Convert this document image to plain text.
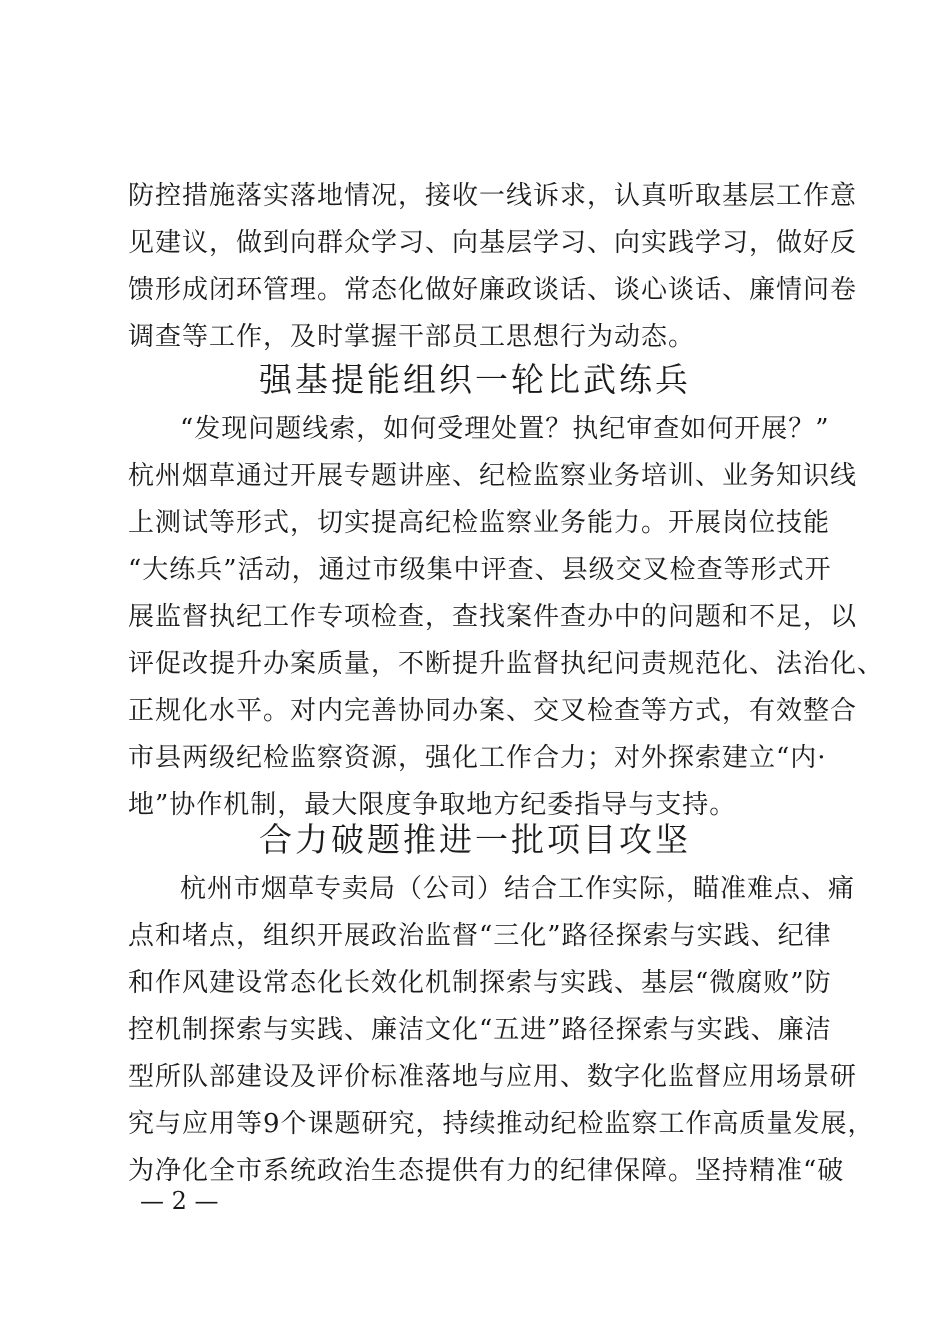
防控措施落实落地情况，接收一线诉求，认真听取基层工作意
见建议，做到向群众学习、向基层学习、向实践学习，做好反
馈形成闭环管理。常态化做好廉政谈话、谈心谈话、廉情问卷
调查等工作，及时掌握干部员工思想行为动态。
强基提能组织一轮比武练兵
“发现问题线索，如何受理处置？执纪审查如何开展？”
杭州烟草通过开展专题讲座、纪检监察业务培训、业务知识线
上测试等形式，切实提高纪检监察业务能力。开展岗位技能
“大练兵”活动，通过市级集中评查、县级交叉检查等形式开
展监督执纪工作专项检查，查找案件查办中的问题和不足，以
评促改提升办案质量，不断提升监督执纪问责规范化、法治化、
正规化水平。对内完善协同办案、交叉检查等方式，有效整合
市县两级纪检监察资源，强化工作合力；对外探索建立“内·
地”协作机制，最大限度争取地方纪委指导与支持。
合力破题推进一批项目攻坚
杭州市烟草专卖局（公司）结合工作实际，瞄准难点、痛
点和堵点，组织开展政治监督“三化”路径探索与实践、纪律
和作风建设常态化长效化机制探索与实践、基层“微腐败”防
控机制探索与实践、廉洁文化“五进”路径探索与实践、廉洁
型所队部建设及评价标准落地与应用、数字化监督应用场景研
究与应用等9个课题研究，持续推动纪检监察工作高质量发展，
为净化全市系统政治生态提供有力的纪律保障。坚持精准“破
— 2 —
